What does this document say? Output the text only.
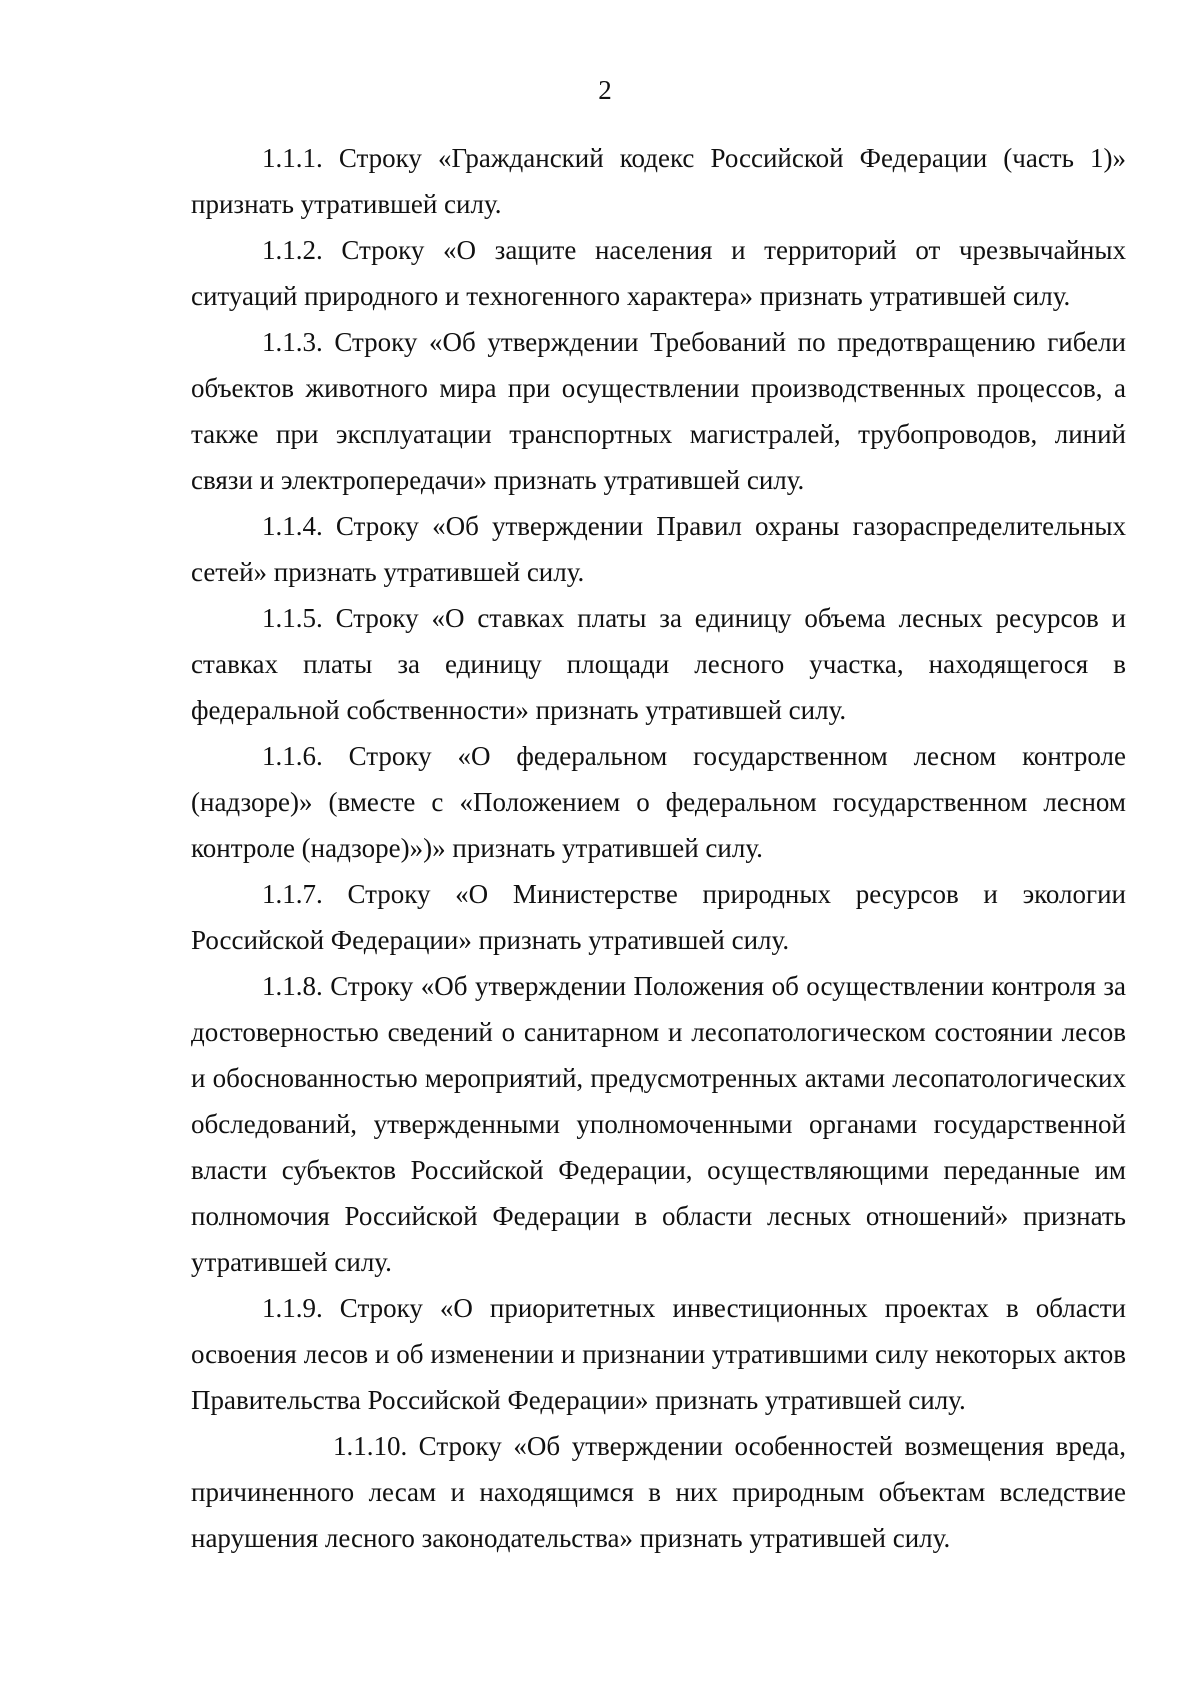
2

1.1.1. Строку «Гражданский кодекс Российской Федерации (часть 1)» признать утратившей силу.

1.1.2. Строку «О защите населения и территорий от чрезвычайных ситуаций природного и техногенного характера» признать утратившей силу.

1.1.3. Строку «Об утверждении Требований по предотвращению гибели объектов животного мира при осуществлении производственных процессов, а также при эксплуатации транспортных магистралей, трубопроводов, линий связи и электропередачи» признать утратившей силу.

1.1.4. Строку «Об утверждении Правил охраны газораспределительных сетей» признать утратившей силу.

1.1.5. Строку «О ставках платы за единицу объема лесных ресурсов и ставках платы за единицу площади лесного участка, находящегося в федеральной собственности» признать утратившей силу.

1.1.6. Строку «О федеральном государственном лесном контроле (надзоре)» (вместе с «Положением о федеральном государственном лесном контроле (надзоре)»)» признать утратившей силу.

1.1.7. Строку «О Министерстве природных ресурсов и экологии Российской Федерации» признать утратившей силу.

1.1.8. Строку «Об утверждении Положения об осуществлении контроля за достоверностью сведений о санитарном и лесопатологическом состоянии лесов и обоснованностью мероприятий, предусмотренных актами лесопатологических обследований, утвержденными уполномоченными органами государственной власти субъектов Российской Федерации, осуществляющими переданные им полномочия Российской Федерации в области лесных отношений» признать утратившей силу.

1.1.9. Строку «О приоритетных инвестиционных проектах в области освоения лесов и об изменении и признании утратившими силу некоторых актов Правительства Российской Федерации» признать утратившей силу.

1.1.10. Строку «Об утверждении особенностей возмещения вреда, причиненного лесам и находящимся в них природным объектам вследствие нарушения лесного законодательства» признать утратившей силу.
